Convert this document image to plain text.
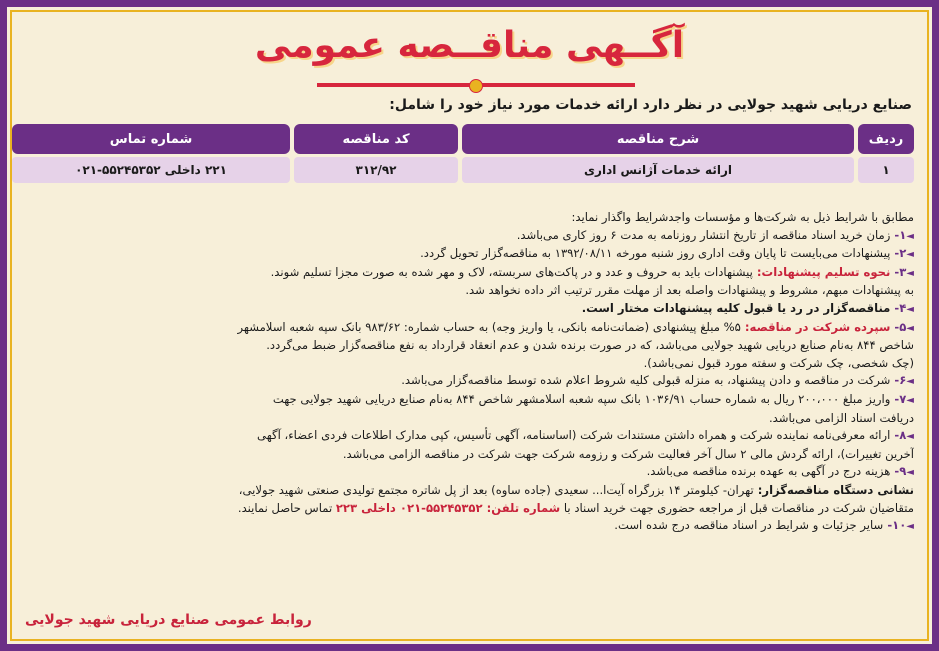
آگــهی مناقــصه عمومی
صنایع دریایی شهید جولایی در نظر دارد ارائه خدمات مورد نیاز خود را شامل:
ردیف
شرح مناقصه
کد مناقصه
شماره تماس
۱
ارائه خدمات آژانس اداری
۳۱۲/۹۲
۲۲۱ داخلی ۵۵۲۴۵۳۵۲-۰۲۱
مطابق با شرایط ذیل به شرکت‌ها و مؤسسات واجدشرایط واگذار نماید:
◄۱- زمان خرید اسناد مناقصه از تاریخ انتشار روزنامه به مدت ۶ روز کاری می‌باشد.
◄۲- پیشنهادات می‌بایست تا پایان وقت اداری روز شنبه مورخه ۱۳۹۲/۰۸/۱۱ به مناقصه‌گزار تحویل گردد.
◄۳- نحوه تسلیم پیشنهادات: پیشنهادات باید به حروف و عدد و در پاکت‌های سربسته، لاک و مهر شده به صورت مجزا تسلیم شوند.
به پیشنهادات مبهم، مشروط و پیشنهادات واصله بعد از مهلت مقرر ترتیب اثر داده نخواهد شد.
◄۴- مناقصه‌گزار در رد یا قبول کلیه پیشنهادات مختار است.
◄۵- سپرده شرکت در مناقصه: ۵% مبلغ پیشنهادی (ضمانت‌نامه بانکی، یا واریز وجه) به حساب شماره: ۹۸۳/۶۲ بانک سپه شعبه اسلامشهر
شاخص ۸۴۴ به‌نام صنایع دریایی شهید جولایی می‌باشد، که در صورت برنده شدن و عدم انعقاد قرارداد به نفع مناقصه‌گزار ضبط می‌گردد.
(چک شخصی، چک شرکت و سفته مورد قبول نمی‌باشد).
◄۶- شرکت در مناقصه و دادن پیشنهاد، به منزله قبولی کلیه شروط اعلام شده توسط مناقصه‌گزار می‌باشد.
◄۷- واریز مبلغ ۲۰۰،۰۰۰ ریال به شماره حساب ۱۰۳۶/۹۱ بانک سپه شعبه اسلامشهر شاخص ۸۴۴ به‌نام صنایع دریایی شهید جولایی جهت
دریافت اسناد الزامی می‌باشد.
◄۸- ارائه معرفی‌نامه نماینده شرکت و همراه داشتن مستندات شرکت (اساسنامه، آگهی تأسیس، کپی مدارک اطلاعات فردی اعضاء، آگهی
آخرین تغییرات)، ارائه گردش مالی ۲ سال آخر فعالیت شرکت و رزومه شرکت جهت شرکت در مناقصه الزامی می‌باشد.
◄۹- هزینه درج در آگهی به عهده برنده مناقصه می‌باشد.
نشانی دستگاه مناقصه‌گزار: تهران- کیلومتر ۱۴ بزرگراه آیت‌ا... سعیدی (جاده ساوه) بعد از پل شاتره مجتمع تولیدی صنعتی شهید جولایی،
متقاضیان شرکت در مناقصات قبل از مراجعه حضوری جهت خرید اسناد با شماره تلفن: ۵۵۲۴۵۳۵۲-۰۲۱ داخلی ۲۲۳ تماس حاصل نمایند.
◄۱۰- سایر جزئیات و شرایط در اسناد مناقصه درج شده است.
روابط عمومی صنایع دریایی شهید جولایی
